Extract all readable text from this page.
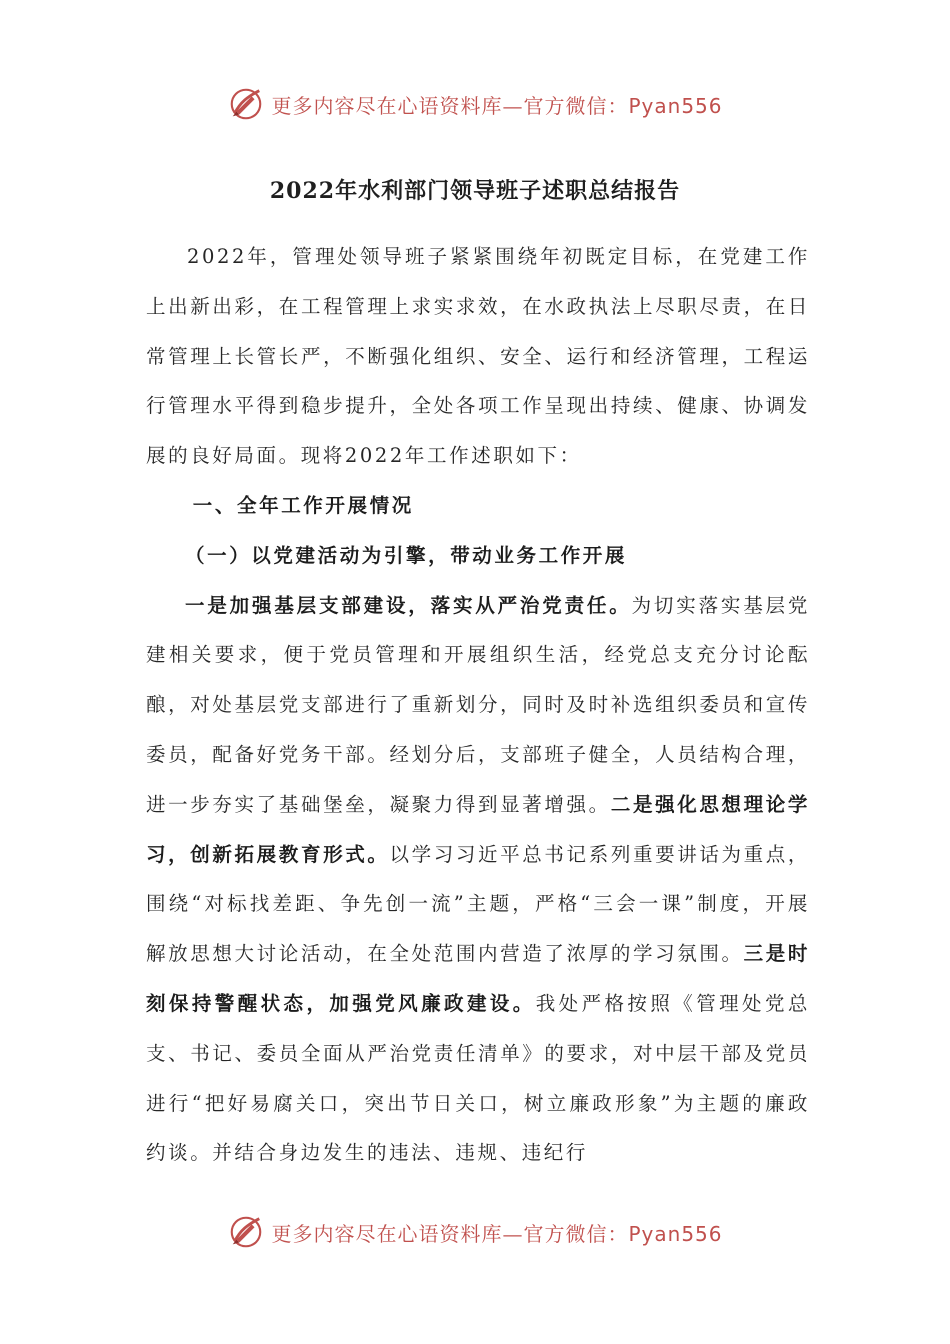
更多内容尽在心语资料库—官方微信：Pyan556
2022年水利部门领导班子述职总结报告

2022年，管理处领导班子紧紧围绕年初既定目标，在党建工作上出新出彩，在工程管理上求实求效，在水政执法上尽职尽责，在日常管理上长管长严，不断强化组织、安全、运行和经济管理，工程运行管理水平得到稳步提升，全处各项工作呈现出持续、健康、协调发展的良好局面。现将2022年工作述职如下：

一、全年工作开展情况

（一）以党建活动为引擎，带动业务工作开展

一是加强基层支部建设，落实从严治党责任。为切实落实基层党建相关要求，便于党员管理和开展组织生活，经党总支充分讨论酝酿，对处基层党支部进行了重新划分，同时及时补选组织委员和宣传委员，配备好党务干部。经划分后，支部班子健全，人员结构合理，进一步夯实了基础堡垒，凝聚力得到显著增强。二是强化思想理论学习，创新拓展教育形式。以学习习近平总书记系列重要讲话为重点，围绕“对标找差距、争先创一流”主题，严格“三会一课”制度，开展解放思想大讨论活动，在全处范围内营造了浓厚的学习氛围。三是时刻保持警醒状态，加强党风廉政建设。我处严格按照《管理处党总支、书记、委员全面从严治党责任清单》的要求，对中层干部及党员进行“把好易腐关口，突出节日关口，树立廉政形象”为主题的廉政约谈。并结合身边发生的违法、违规、违纪行

更多内容尽在心语资料库—官方微信：Pyan556
